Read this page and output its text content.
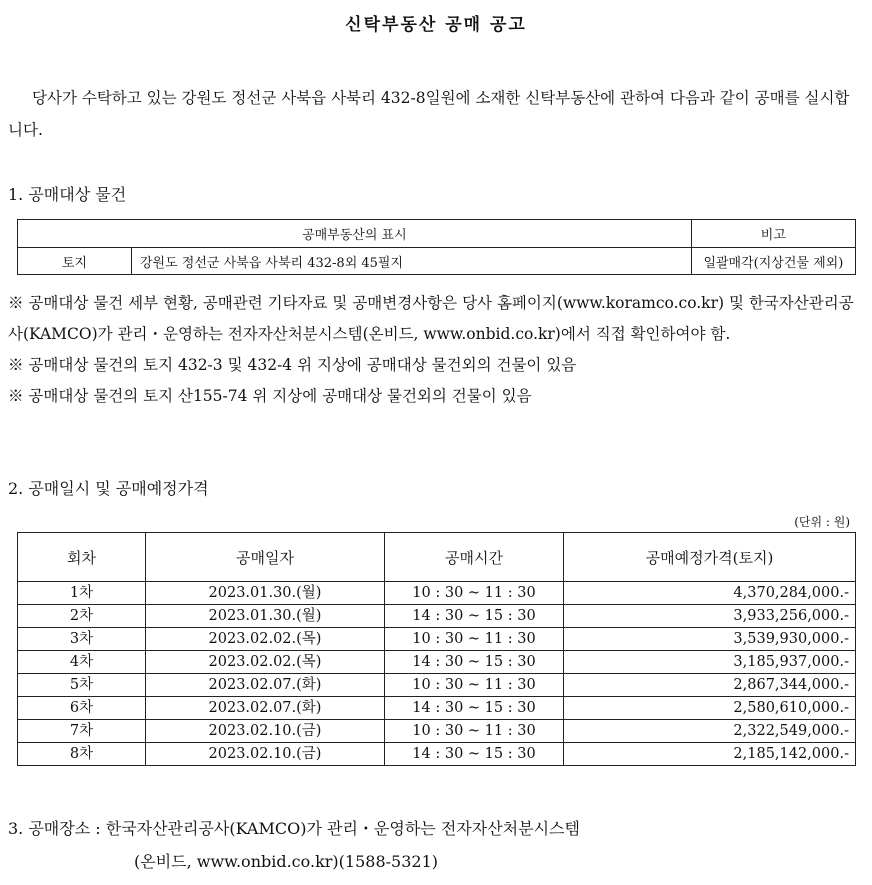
신탁부동산 공매 공고
당사가 수탁하고 있는 강원도 정선군 사북읍 사북리 432-8일원에 소재한 신탁부동산에 관하여 다음과 같이 공매를 실시합니다.
1. 공매대상 물건
공매부동산의 표시		비고
토지	강원도 정선군 사북읍 사북리 432-8외 45필지	일괄매각(지상건물 제외)
※ 공매대상 물건 세부 현황, 공매관련 기타자료 및 공매변경사항은 당사 홈페이지(www.koramco.co.kr) 및 한국자산관리공사(KAMCO)가 관리・운영하는 전자자산처분시스템(온비드, www.onbid.co.kr)에서 직접 확인하여야 함.
※ 공매대상 물건의 토지 432-3 및 432-4 위 지상에 공매대상 물건외의 건물이 있음
※ 공매대상 물건의 토지 산155-74 위 지상에 공매대상 물건외의 건물이 있음
2. 공매일시 및 공매예정가격
(단위 : 원)
회차	공매일자	공매시간	공매예정가격(토지)
1차	2023.01.30.(월)	10 : 30 ~ 11 : 30	4,370,284,000.-
2차	2023.01.30.(월)	14 : 30 ~ 15 : 30	3,933,256,000.-
3차	2023.02.02.(목)	10 : 30 ~ 11 : 30	3,539,930,000.-
4차	2023.02.02.(목)	14 : 30 ~ 15 : 30	3,185,937,000.-
5차	2023.02.07.(화)	10 : 30 ~ 11 : 30	2,867,344,000.-
6차	2023.02.07.(화)	14 : 30 ~ 15 : 30	2,580,610,000.-
7차	2023.02.10.(금)	10 : 30 ~ 11 : 30	2,322,549,000.-
8차	2023.02.10.(금)	14 : 30 ~ 15 : 30	2,185,142,000.-
3. 공매장소 : 한국자산관리공사(KAMCO)가 관리・운영하는 전자자산처분시스템
(온비드, www.onbid.co.kr)(1588-5321)
